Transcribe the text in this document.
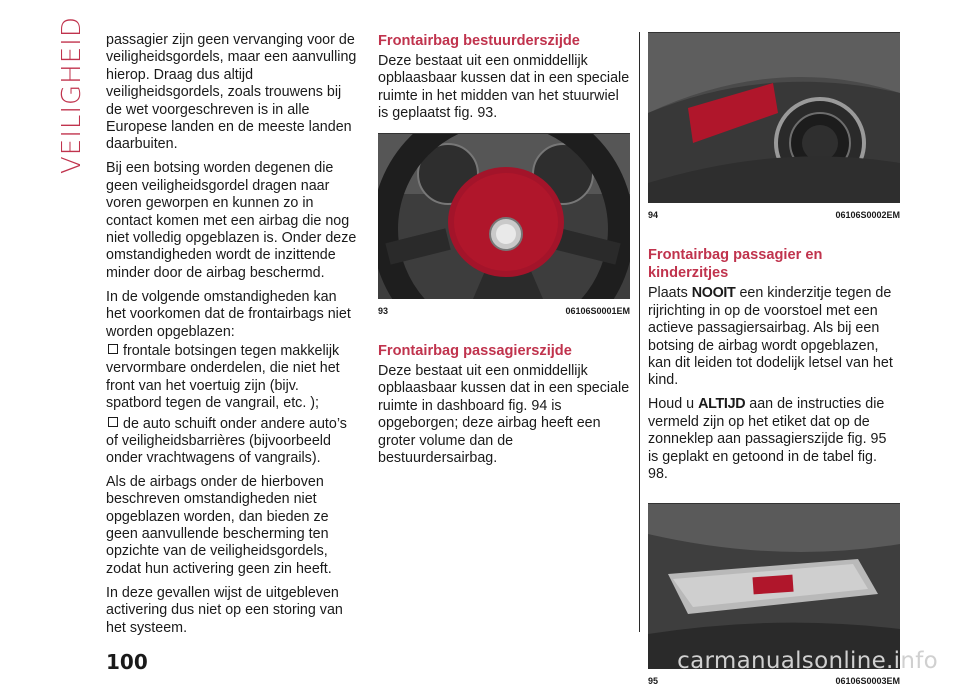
VEILIGHEID	passagier zijn geen vervanging voor de veiligheidsgordels, maar een aanvulling hierop. Draag dus altijd veiligheidsgordels, zoals trouwens bij de wet voorgeschreven is in alle Europese landen en de meeste landen daarbuiten.

Bij een botsing worden degenen die geen veiligheidsgordel dragen naar voren geworpen en kunnen zo in contact komen met een airbag die nog niet volledig opgeblazen is. Onder deze omstandigheden wordt de inzittende minder door de airbag beschermd.

In de volgende omstandigheden kan het voorkomen dat de frontairbags niet worden opgeblazen:

frontale botsingen tegen makkelijk vervormbare onderdelen, die niet het front van het voertuig zijn (bijv. spatbord tegen de vangrail, etc. );
de auto schuift onder andere auto’s of veiligheidsbarrières (bijvoorbeeld onder vrachtwagens of vangrails).

Als de airbags onder de hierboven beschreven omstandigheden niet opgeblazen worden, dan bieden ze geen aanvullende bescherming ten opzichte van de veiligheidsgordels, zodat hun activering geen zin heeft.

In deze gevallen wijst de uitgebleven activering dus niet op een storing van het systeem.

Frontairbag bestuurderszijde

Deze bestaat uit een onmiddellijk opblaasbaar kussen dat in een speciale ruimte in het midden van het stuurwiel is geplaatst fig. 93.

93	06106S0001EM
Frontairbag passagierszijde

Deze bestaat uit een onmiddellijk opblaasbaar kussen dat in een speciale ruimte in dashboard fig. 94 is opgeborgen; deze airbag heeft een groter volume dan de bestuurdersairbag.

94	06106S0002EM
Frontairbag passagier en kinderzitjes

Plaats NOOIT een kinderzitje tegen de rijrichting in op de voorstoel met een actieve passagiersairbag. Als bij een botsing de airbag wordt opgeblazen, kan dit leiden tot dodelijk letsel van het kind.

Houd u ALTIJD aan de instructies die vermeld zijn op het etiket dat op de zonneklep aan passagierszijde fig. 95 is geplakt en getoond in de tabel fig. 98.

95	06106S0003EM
100	carmanualsonline.info
